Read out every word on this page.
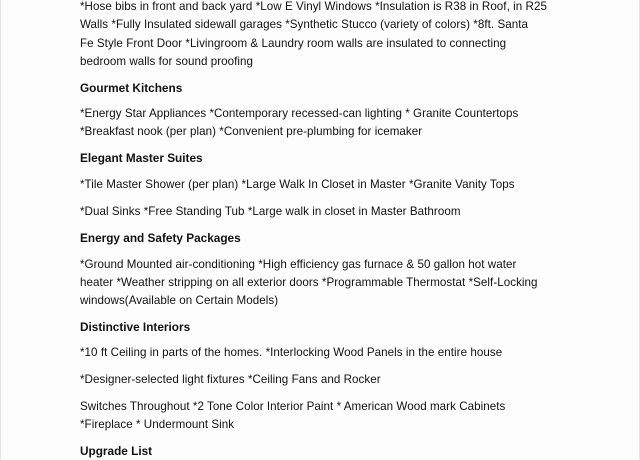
*Hose bibs in front and back yard *Low E Vinyl Windows *Insulation is R38 in Roof, in R25
Walls *Fully Insulated sidewall garages *Synthetic Stucco (variety of colors) *8ft. Santa
Fe Style Front Door *Livingroom & Laundry room walls are insulated to connecting
bedroom walls for sound proofing
Gourmet Kitchens
*Energy Star Appliances *Contemporary recessed-can lighting * Granite Countertops
*Breakfast nook (per plan) *Convenient pre-plumbing for icemaker
Elegant Master Suites
*Tile Master Shower (per plan) *Large Walk In Closet in Master *Granite Vanity Tops
*Dual Sinks *Free Standing Tub *Large walk in closet in Master Bathroom
Energy and Safety Packages
*Ground Mounted air-conditioning *High efficiency gas furnace & 50 gallon hot water
heater *Weather stripping on all exterior doors *Programmable Thermostat *Self-Locking
windows(Available on Certain Models)
Distinctive Interiors
*10 ft Ceiling in parts of the homes. *Interlocking Wood Panels in the entire house
*Designer-selected light fixtures *Ceiling Fans and Rocker
Switches Throughout *2 Tone Color Interior Paint * American Wood mark Cabinets
*Fireplace * Undermount Sink
Upgrade List
